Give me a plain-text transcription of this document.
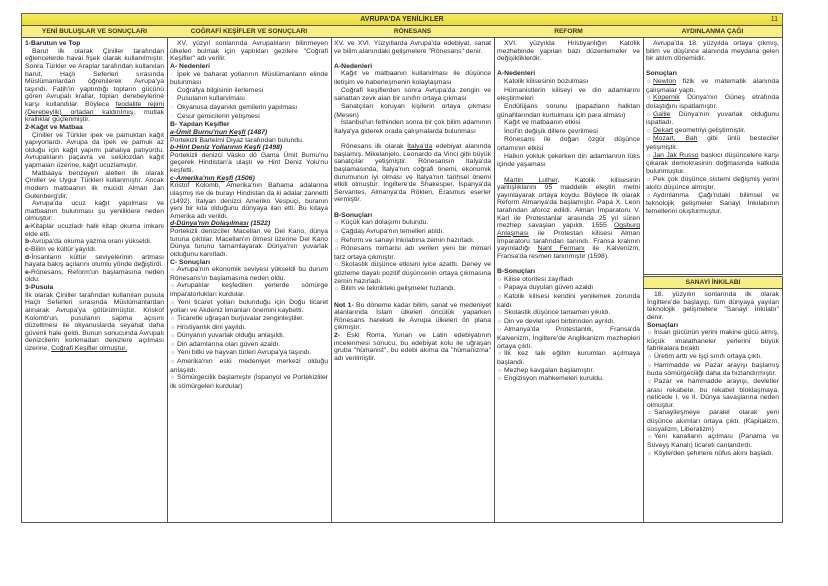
AVRUPA'DA YENİLİKLER	11
YENİ BULUŞLAR VE SONUÇLARI
1-Barutun ve Top
Barut ilk olarak Çiniller tarafından eğlencelerde havai fişek olarak kullanılmıştır. Sonra Türkler ve Araplar tarafından kullanılan barut, Haçlı Seferleri sırasında Müslümanlardan öğrenilerek Avrupa'ya taşındı. Fatih'in yaptırdığı topların gücünü gören Avrupalı krallar, topları derebeylerine karşı kullandılar. Böylece feodalite rejimi (Derebeylik) ortadan kaldırılmış, mutlak krallıklar güçlenmiştir.
2-Kağıt ve Matbaa
Çiniller ve Türkler ipek ve pamuktan kağıt yapıyorlardı. Avrupa da ipek ve pamuk az olduğu için kağıt yapımı pahalıya patıyordu. Avrupalıların paçavra ve selülozdan kağıt yapmaları üzerine, kağıt ucuzlamıştır.
Matbaaya benzeyen aletleri ilk olarak Çiniller ve Uygur Türkleri kullanmıştır. Ancak modern matbaanın ilk mucidi Alman Jan Gutenberg'dir.
Avrupa'da ucuz kağıt yapılması ve matbaanın bulunması şu yeniliklere neden olmuştur:
a-Kitaplar ucuzladı halk kitap okuma imkanı elde etti.
b-Avrupa'da okuma yazma oranı yükseldi.
c-Bilim ve kültür yayıldı.
d-İnsanların kültür seviyelerinin artması hayata bakış açılarını olumlu yönde değiştirdi.
e-Rönesans, Reform'un başlamasına neden oldu.
3-Pusula
İlk olarak Çiniller tarafından kullanılan pusula Haçlı Seferleri sırasında Müslümanlardan alınarak Avrupa'ya götürülmüştür. Kriskof Kolomb'un, pusulanın sapma açısını düzeltmesi ile okyanuslarda seyahat daha güvenli hale geldi. Bunun sonucunda Avrupalı denizcilerin korkmadan denizlere açılması üzerine, Coğrafi Keşifler olmuştur.
COĞRAFİ KEŞİFLER VE SONUÇLARI
XV. yüzyıl sonlarında Avrupalıların bilinmeyen ülkeleri bulmak için yaptıkları gezilere "Coğrafi Keşifler" adı verilir.
A- Nedenleri
◌ İpek ve baharat yollarının Müslümanların elinde bulunması
◌ Coğrafya bilgisinin ilerlemesi
◌ Pusulanın kullanılması
◌ Okyanusa dayanıklı gemilerin yapılması
◌ Cesur gemicilerin yetişmesi
B- Yapılan Keşifler
a-Ümit Burnu'nun Keşfi (1487)
Portekizli Bartelmi Diyaz tarafından bulundu.
b-Hint Deniz Yollarının Keşfi (1498)
Portekizli denizci Vasko dö Gama Ümit Bumu'nu geçerek Hindistan'a ulaştı ve Hint Deniz Yolu'nu keşfetti.
c-Amerika'nın Keşfi (1506)
Kristof Kolomb, Amerika'nın Bahama adalarına ulaşmış ise de burayı Hindistan da ki adalar zannetti (1492). İtalyan denizci Ameriko Vespuçi, buranın yeni bir kıta olduğunu dünyaya ilan etti. Bu kıtaya Amerika adı verildi.
d-Dünya'nın Dolaşılması (1522)
Portekizli denizciler Macellan ve Del Kano, dünya turuna çıktılar. Macellan'ın ölmesi üzerine Del Kano Dünya turunu tamamlayarak Dünya'nın yuvarlak olduğunu kanıtladı.
C- Sonuçları
☼ Avrupa'nın ekonomik seviyesi yükseldi bu durum Rönesans'ın başlamasına neden oldu.
☼ Avrupalılar keşfedilen yerlerde sömürge imparatorlukları kurdular.
☼ Yeni ticaret yolları bulunduğu için Doğu ticaret yolları ve Akdeniz limanları önemini kaybetti.
☼ Ticaretle uğraşan burjuvalar zenginleştiler.
☼ Hristiyanlık dini yayıldı.
☼ Dünyanın yuvarlak olduğu anlaşıldı.
☼ Din adamlarına olan güven azaldı.
☼ Yeni bitki ve hayvan türleri Avrupa'ya taşındı.
☼ Amerika'nın eski medeniyet merkezi olduğu anlaşıldı.
☼ Sömürgecilik başlamıştır (İspanyol ve Portekizliler ilk sömürgeleri kurdular)
RÖNESANS
XV. ve XVI. Yüzyıllarda Avrupa'da edebiyat, sanat ve bilim alanındaki gelişmelere "Rönesans" denir.
A-Nedenleri
◌ Kağıt ve matbaanın kullanılması ile düşünce iletişim ve haberleşmenin kolaylaşması
◌ Coğrafi keşiflerden sonra Avrupa'da zengin ve sanattan zevk alan bir sınıfın ortaya çıkması
◌ Sanatçıları koruyan kişilerin ortaya çıkması (Mesen)
◌ İstanbul'un fethinden sonra bir çok bilim adamının İtalya'ya giderek orada çalışmalarda bulunması
Rönesans ilk olarak İtalya'da edebiyat alanında başlamış, Mikelanjelo, Leonardo da Vinci gibi büyük sanatçılar yetişmiştir. Rönesansın İtalya'da başlamasında, İtalya'nın coğrafi önemi, ekonomik durumunun iyi olması ve İtalya'nın tarihsel önemi etkili olmuştur. İngiltere'de Shakesper, İspanya'da Servantes, Almanya'da Röklen, Erasmus eserler vermiştir.
B-Sonuçları
☼ Küçük kan dolaşımı bulundu.
☼ Çağdaş Avrupa'nın temelleri atıldı.
☼ Reform ve sanayi inkılabına zemin hazırladı.
☼ Rönesans mimarisi adı verilen yeni bir mimari tarz ortaya çıkmıştır.
☼ Skolastik düşünce etkisini iyice azalttı. Deney ve gözleme dayalı pozitif düşüncenin ortaya çıkmasına zemin hazırladı.
☼ Bilim ve teknikteki gelişmeler hızlandı.
Not 1- Bu döneme kadar bilim, sanat ve medeniyet alanlarında İslam ülkeleri öncülük yaparken Rönesans hareketi ile Avrupa ülkeleri ön plana çıkmıştır.
2- Eski Roma, Yunan ve Latin edebiyatının incelenmesi sonucu, bu edebiyat kolu ile uğraşan gruba "hümanist", bu edebi akıma da "hümanizma" adı verilmiştir.
REFORM
XVI. yüzyılda Hristiyanlığın Katolik mezhebinde yapılan bazı düzenlemeler ve değişikliklerdir.
A-Nedenleri
◌ Katolik kilisesinin bozulması
◌ Hümanistlerin kiliseyi ve din adamlarını eleştirmeleri
◌ Endülüjans sorunu (papazların halktan günahlarından kurtulması için para alması)
◌ Kağıt ve matbaanın etkisi
◌ İncil'in değişik dillere çevrilmesi
◌ Rönesans ile doğan özgür düşünce ortamının etkisi
◌ Halkın yokluk çekerken din adamlarının lüks içinde yaşaması
Martin Luther, Katolik kilisesinin yanlışlıklarını 95 maddelik eleştiri metni yayınlayarak ortaya koydu. Böylece ilk olarak Reform Almanya'da başlamıştır. Papa X. Leon tarafından aforoz edildi. Alman İmparatoru V. Karl ile Protestanlar arasında 25 yıl süren mezhep savaşları yapıldı. 1555 Ogsburg Anlaşması ile Protestan kilisesi Alman İmparatoru tarafından tanındı. Fransa kralının yayınladığı Nant Fermanı ile Kalvenizm, Fransa'da resmen tanınmıştır (1598).
B-Sonuçları
☼ Kilise otoritesi zayıfladı
☼ Papaya duyulan güven azaldı
☼ Katolik kilisesi kendini yenilemek zorunda kaldı
☼ Skolastik düşünce tamamen yıkıldı.
☼ Din ve devlet işleri birbirinden ayrıldı.
☼ Almanya'da Protestanlık, Fransa'da Kalvenizm, İngiltere'de Anglikanizm mezhepleri ortaya çıktı.
☼ İlk kez laik eğitim kurumları açılmaya başlandı.
☼ Mezhep kavgaları başlamıştır.
☼ Engizisyon mahkemeleri kuruldu.
AYDINLANMA ÇAĞI
Avrupa'da 18. yüzyılda ortaya çıkmış, bilim ve düşünce alanında meydana gelen bir atılım dönemidir.
Sonuçları
☼ Newton fizik ve matematik alanında çalışmalar yaptı.
☼ Kopernik Dünya'nın Güneş etrafında dolaştığını ispatlamıştır.
☼ Galile Dünya'nın yuvarlak olduğunu ispatladı.
☼ Dekart geometriyi geliştirmiştir.
☼ Mozart, Bah gibi ünlü besteciler yetişmiştir.
☼ Jan Jak Russo baskıcı düşüncelere karşı çıkarak demokrasinin doğmasında katkıda bulunmuştur.
☼ Pek çok düşünce sistemi değişmiş yerini akılcı düşünce almıştır.
☼ Aydınlanma Çağı'ndaki bilimsel ve teknolojik gelişmeler Sanayi İnkılabının temellerini oluşturmuştur.
SANAYİ İNKILABI
18. yüzyılın sonlarında ilk olarak İngiltere'de başlayıp, tüm dünyaya yayılan teknolojik gelişmelere "Sanayi İnkılabı" denir.
Sonuçları
☼ İnsan gücünün yerini makine gücü almış, küçük imalathaneler yerlerini büyük fabrikalara bıraktı
☼ Üretim arttı ve işçi sınıfı ortaya çıktı.
☼ Hammadde ve Pazar arayışı başlamış buda sömürgeciliği daha da hızlandırmıştır.
☼ Pazar ve hammadde arayışı, devletler arası rekabete, bu rekabet bloklaşmaya, neticede I. ve II. Dünya savaşlarına neden olmuştur.
☼ Sanayileşmeye paralel olarak yeni düşünce akımları ortaya çıktı. (Kapitalizm, sosyalizm, Liberalizm)
☼ Yeni kanalların açılması (Panama ve Süveyş Kanalı) ticareti canlandırdı.
☼ Köylerden şehirlere nüfus akını başladı.
